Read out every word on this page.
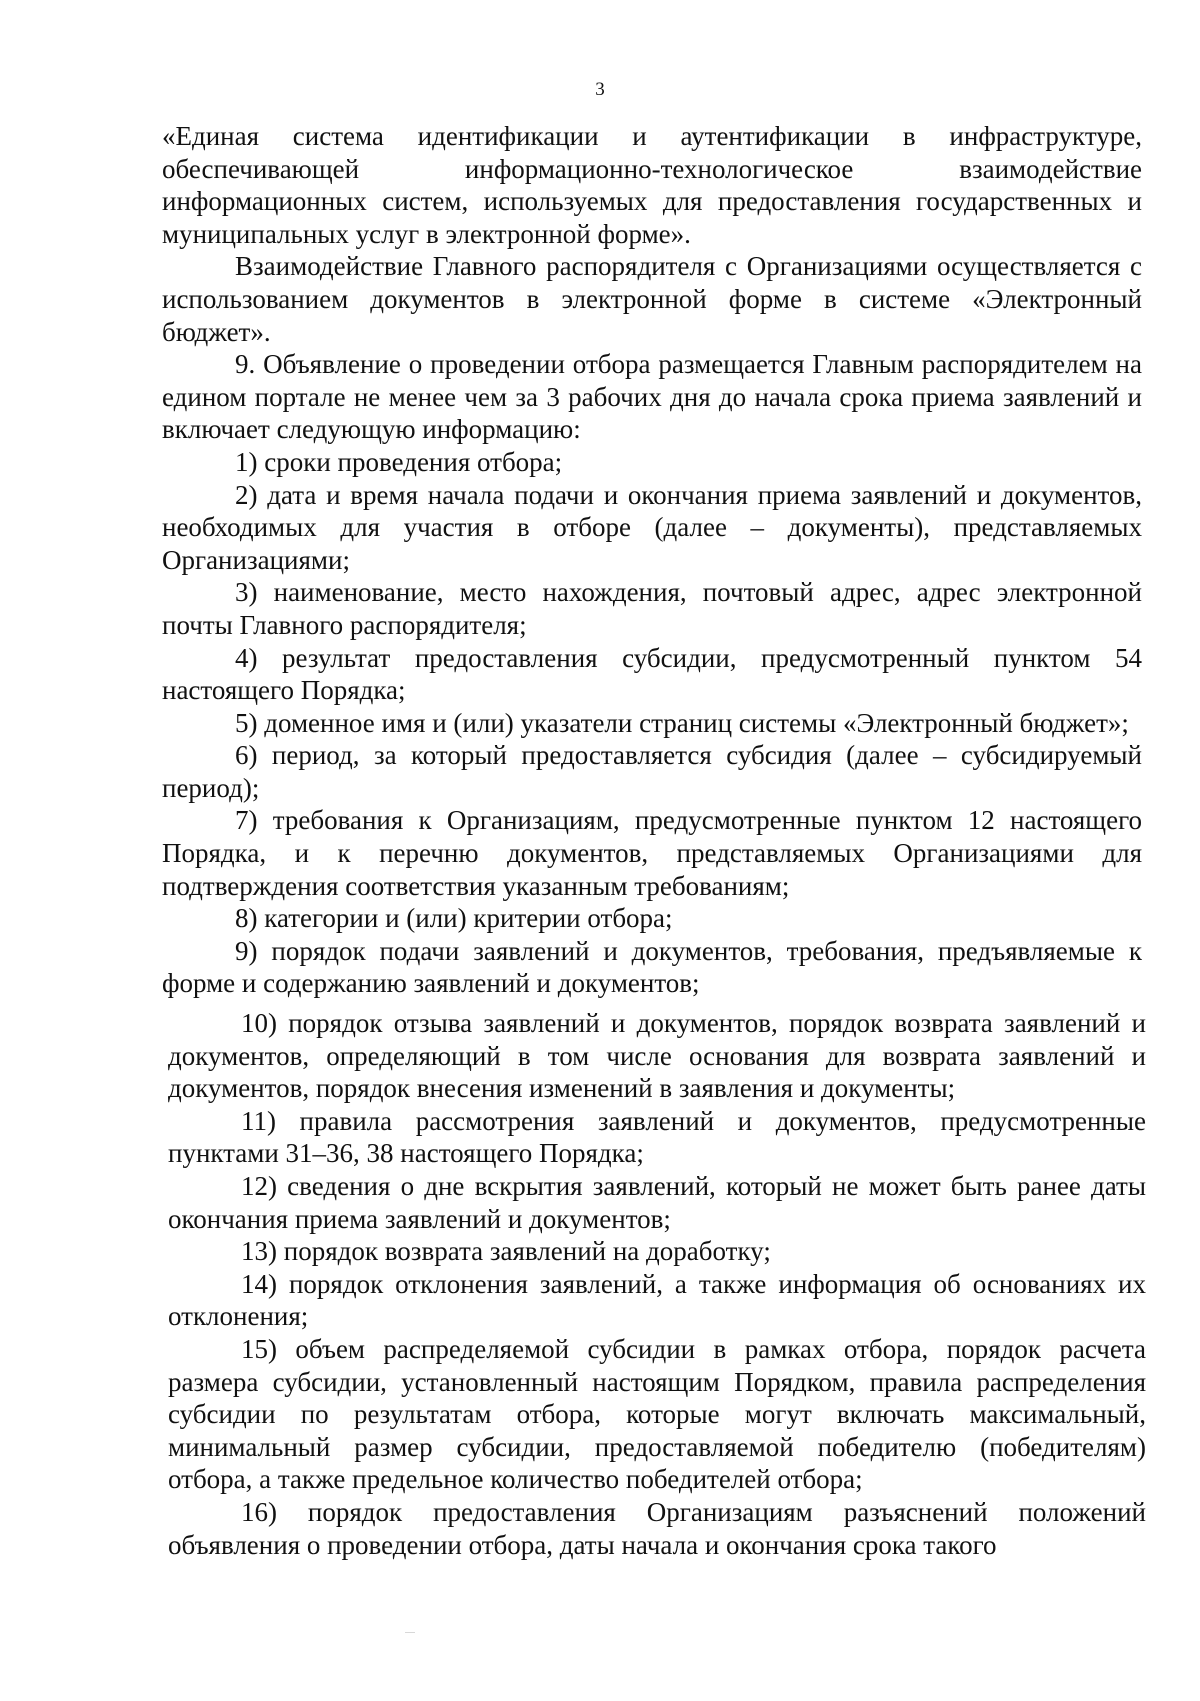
3

«Единая система идентификации и аутентификации в инфраструктуре, обеспечивающей информационно-технологическое взаимодействие информационных систем, используемых для предоставления государственных и муниципальных услуг в электронной форме».

Взаимодействие Главного распорядителя с Организациями осуществляется с использованием документов в электронной форме в системе «Электронный бюджет».

9. Объявление о проведении отбора размещается Главным распорядителем на едином портале не менее чем за 3 рабочих дня до начала срока приема заявлений и включает следующую информацию:

1) сроки проведения отбора;

2) дата и время начала подачи и окончания приема заявлений и документов, необходимых для участия в отборе (далее – документы), представляемых Организациями;

3) наименование, место нахождения, почтовый адрес, адрес электронной почты Главного распорядителя;

4) результат предоставления субсидии, предусмотренный пунктом 54 настоящего Порядка;

5) доменное имя и (или) указатели страниц системы «Электронный бюджет»;

6) период, за который предоставляется субсидия (далее – субсидируемый период);

7) требования к Организациям, предусмотренные пунктом 12 настоящего Порядка, и к перечню документов, представляемых Организациями для подтверждения соответствия указанным требованиям;

8) категории и (или) критерии отбора;

9) порядок подачи заявлений и документов, требования, предъявляемые к форме и содержанию заявлений и документов;

10) порядок отзыва заявлений и документов, порядок возврата заявлений и документов, определяющий в том числе основания для возврата заявлений и документов, порядок внесения изменений в заявления и документы;

11) правила рассмотрения заявлений и документов, предусмотренные пунктами 31–36, 38 настоящего Порядка;

12) сведения о дне вскрытия заявлений, который не может быть ранее даты окончания приема заявлений и документов;

13) порядок возврата заявлений на доработку;

14) порядок отклонения заявлений, а также информация об основаниях их отклонения;

15) объем распределяемой субсидии в рамках отбора, порядок расчета размера субсидии, установленный настоящим Порядком, правила распределения субсидии по результатам отбора, которые могут включать максимальный, минимальный размер субсидии, предоставляемой победителю (победителям) отбора, а также предельное количество победителей отбора;

16) порядок предоставления Организациям разъяснений положений объявления о проведении отбора, даты начала и окончания срока такого
